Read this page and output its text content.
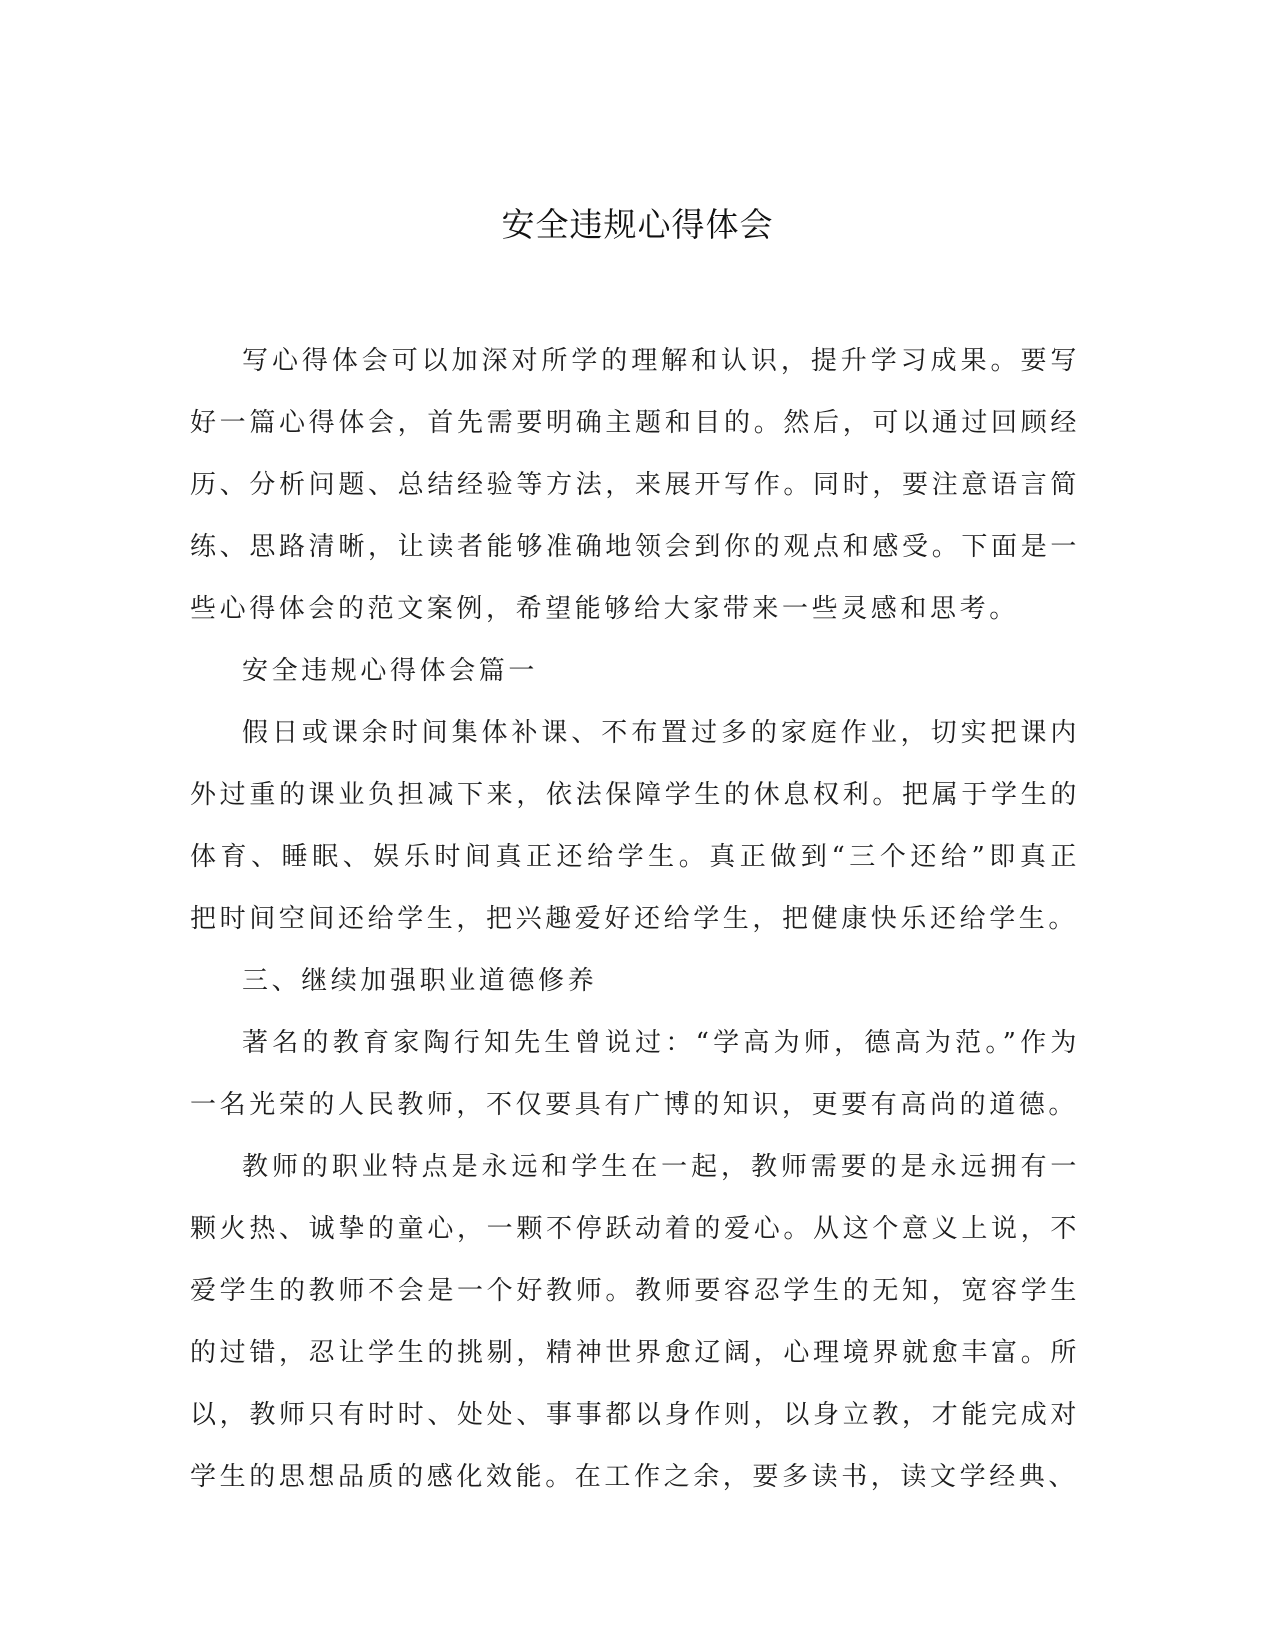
安全违规心得体会

写心得体会可以加深对所学的理解和认识，提升学习成果。要写好一篇心得体会，首先需要明确主题和目的。然后，可以通过回顾经历、分析问题、总结经验等方法，来展开写作。同时，要注意语言简练、思路清晰，让读者能够准确地领会到你的观点和感受。下面是一些心得体会的范文案例，希望能够给大家带来一些灵感和思考。

安全违规心得体会篇一

假日或课余时间集体补课、不布置过多的家庭作业，切实把课内外过重的课业负担减下来，依法保障学生的休息权利。把属于学生的体育、睡眠、娱乐时间真正还给学生。真正做到“三个还给”即真正把时间空间还给学生，把兴趣爱好还给学生，把健康快乐还给学生。

三、继续加强职业道德修养

著名的教育家陶行知先生曾说过：“学高为师，德高为范。”作为一名光荣的人民教师，不仅要具有广博的知识，更要有高尚的道德。

教师的职业特点是永远和学生在一起，教师需要的是永远拥有一颗火热、诚挚的童心，一颗不停跃动着的爱心。从这个意义上说，不爱学生的教师不会是一个好教师。教师要容忍学生的无知，宽容学生的过错，忍让学生的挑剔，精神世界愈辽阔，心理境界就愈丰富。所以，教师只有时时、处处、事事都以身作则，以身立教，才能完成对学生的思想品质的感化效能。在工作之余，要多读书，读文学经典、
